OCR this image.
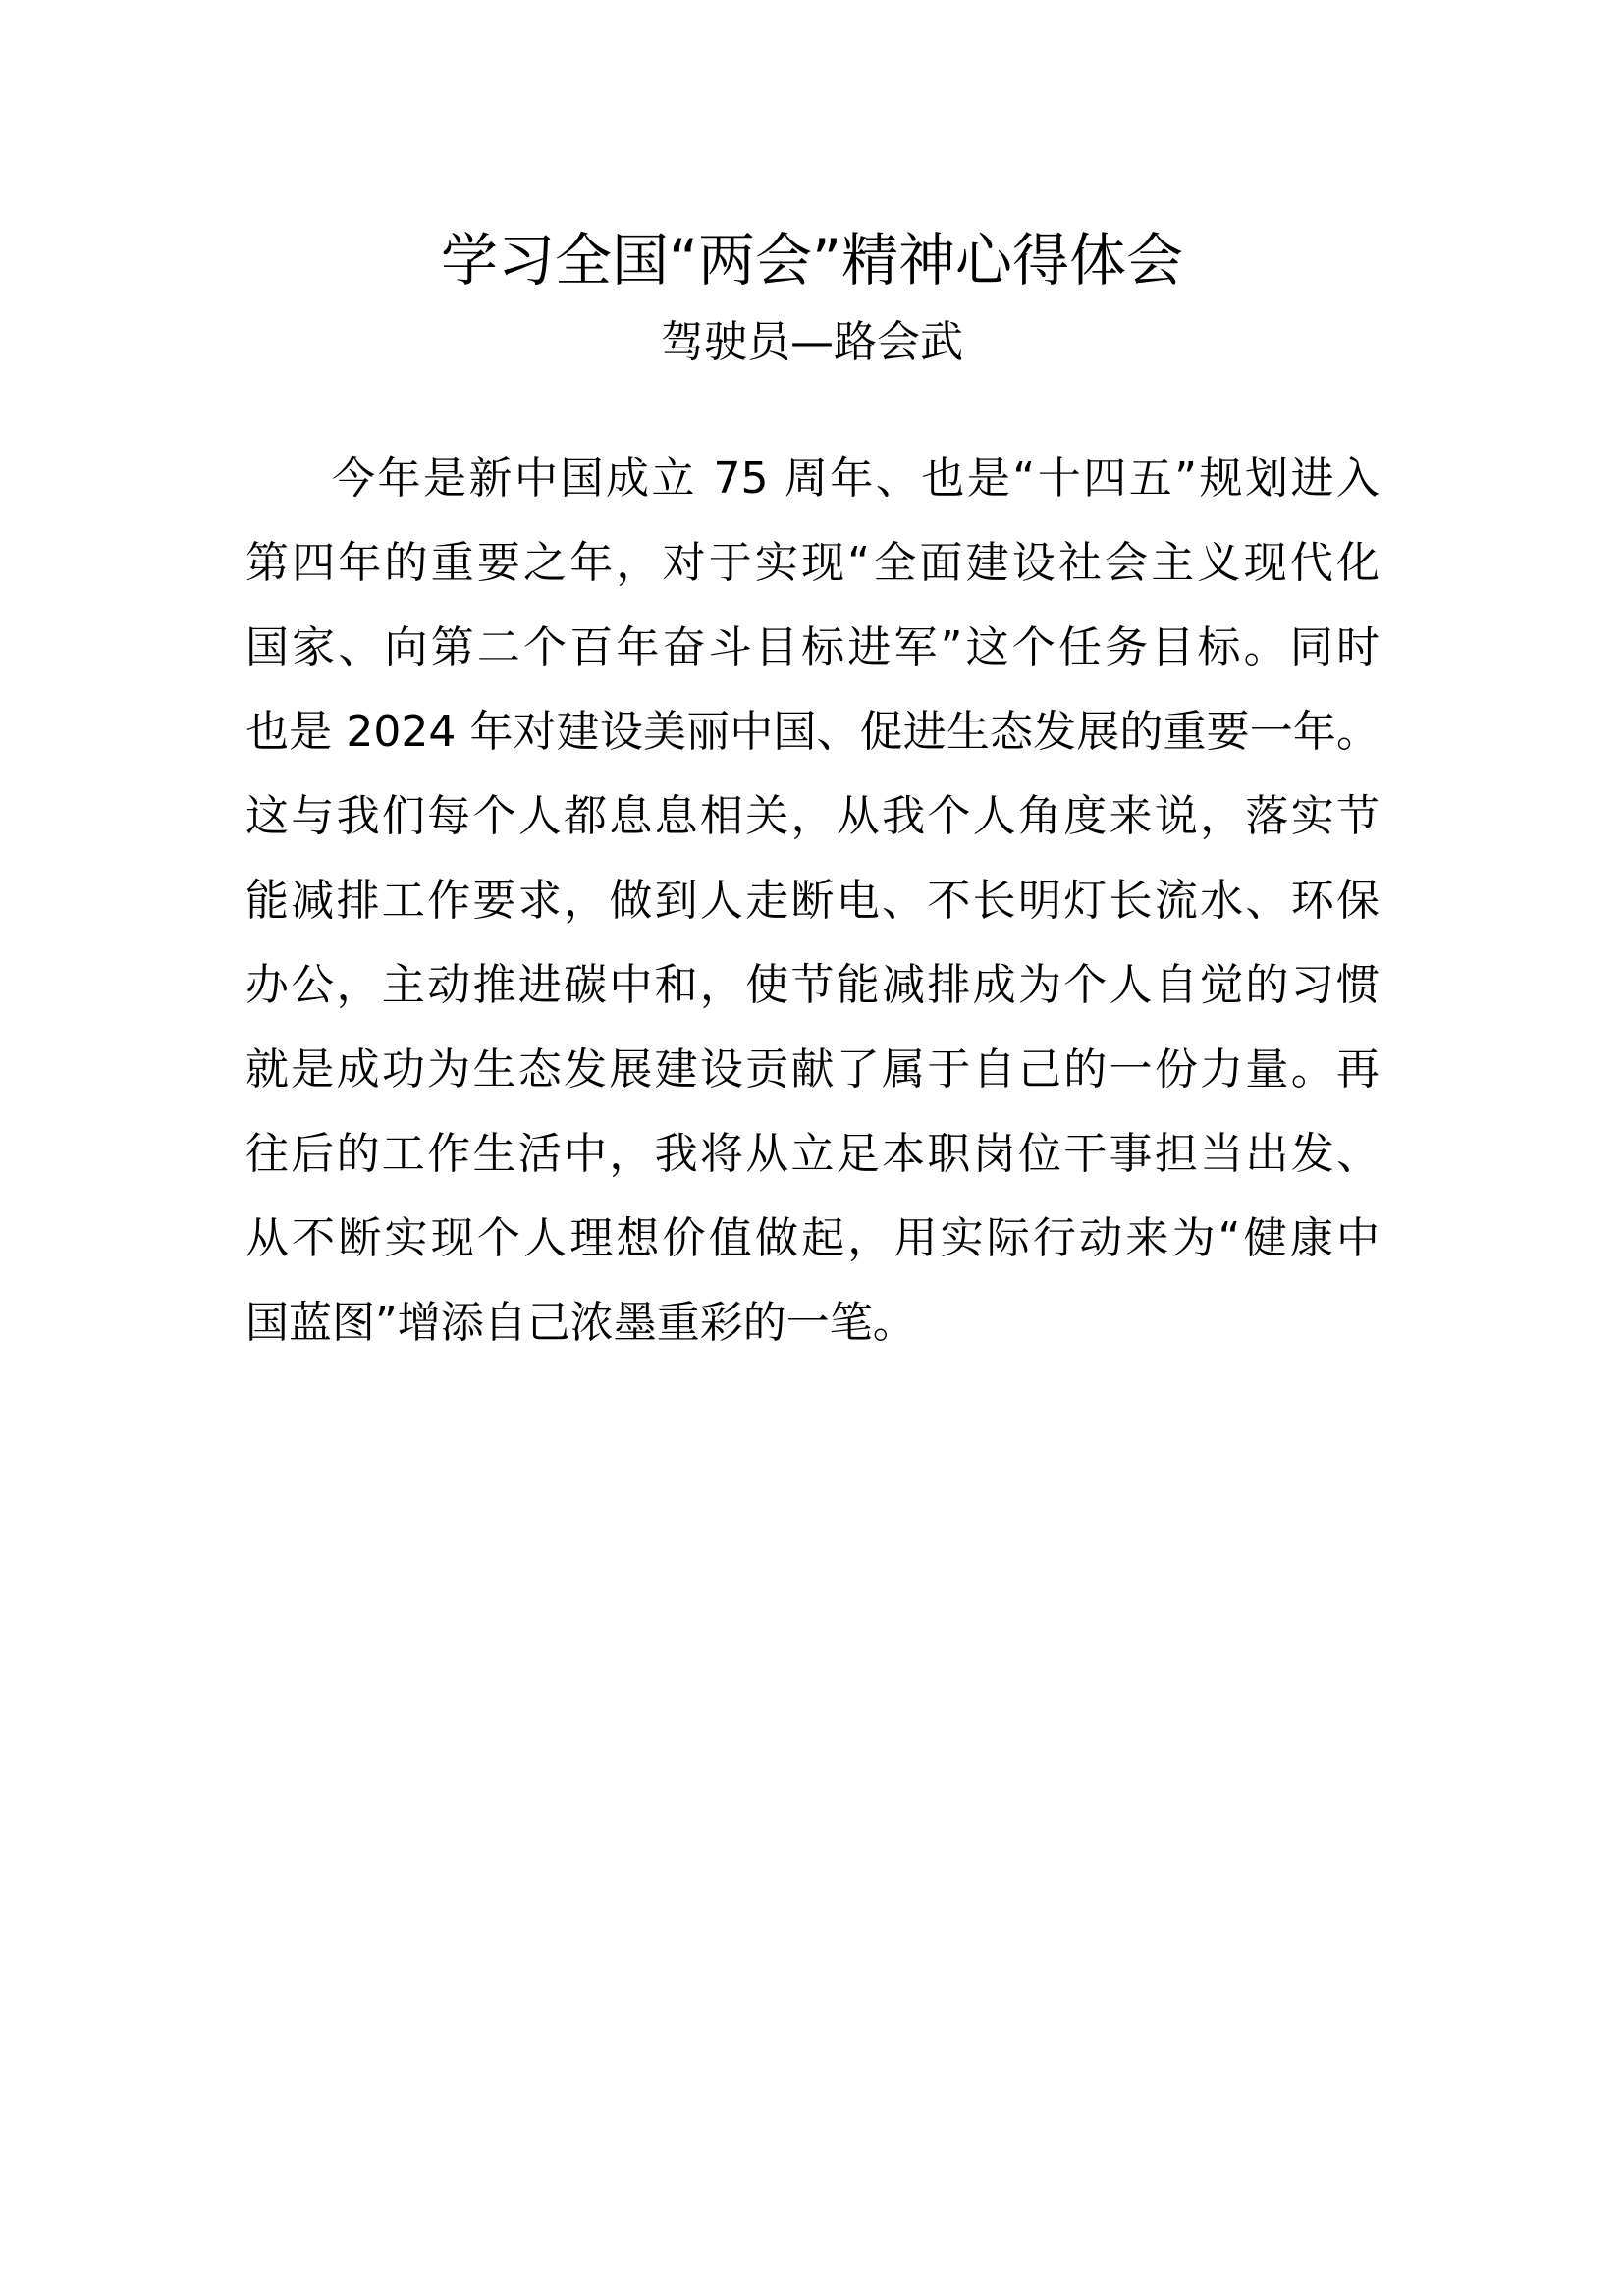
学习全国“两会”精神心得体会
驾驶员—路会武
今年是新中国成立 75 周年、也是“十四五”规划进入
第四年的重要之年，对于实现“全面建设社会主义现代化
国家、向第二个百年奋斗目标进军”这个任务目标。同时
也是 2024 年对建设美丽中国、促进生态发展的重要一年。
这与我们每个人都息息相关，从我个人角度来说，落实节
能减排工作要求，做到人走断电、不长明灯长流水、环保
办公，主动推进碳中和，使节能减排成为个人自觉的习惯
就是成功为生态发展建设贡献了属于自己的一份力量。再
往后的工作生活中，我将从立足本职岗位干事担当出发、
从不断实现个人理想价值做起，用实际行动来为“健康中
国蓝图”增添自己浓墨重彩的一笔。
